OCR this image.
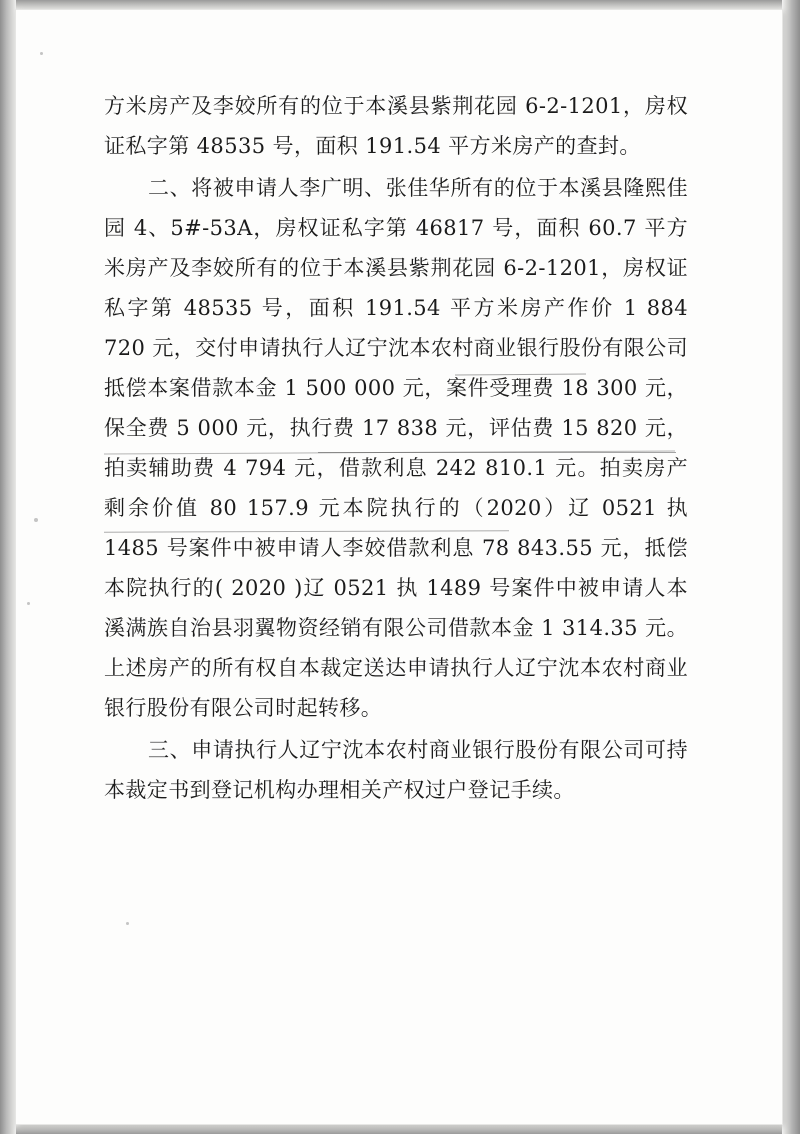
方米房产及李姣所有的位于本溪县紫荆花园 6-2-1201，房权证私字第 48535 号，面积 191.54 平方米房产的查封。

二、将被申请人李广明、张佳华所有的位于本溪县隆熙佳园 4、5#-53A，房权证私字第 46817 号，面积 60.7 平方米房产及李姣所有的位于本溪县紫荆花园 6-2-1201，房权证私字第 48535 号，面积 191.54 平方米房产作价 1 884 720 元，交付申请执行人辽宁沈本农村商业银行股份有限公司抵偿本案借款本金 1 500 000 元，案件受理费 18 300 元，保全费 5 000 元，执行费 17 838 元，评估费 15 820 元，拍卖辅助费 4 794 元，借款利息 242 810.1 元。拍卖房产剩余价值 80 157.9 元本院执行的（2020）辽 0521 执 1485 号案件中被申请人李姣借款利息 78 843.55 元，抵偿本院执行的( 2020 )辽 0521 执 1489 号案件中被申请人本溪满族自治县羽翼物资经销有限公司借款本金 1 314.35 元。上述房产的所有权自本裁定送达申请执行人辽宁沈本农村商业银行股份有限公司时起转移。

三、申请执行人辽宁沈本农村商业银行股份有限公司可持本裁定书到登记机构办理相关产权过户登记手续。
